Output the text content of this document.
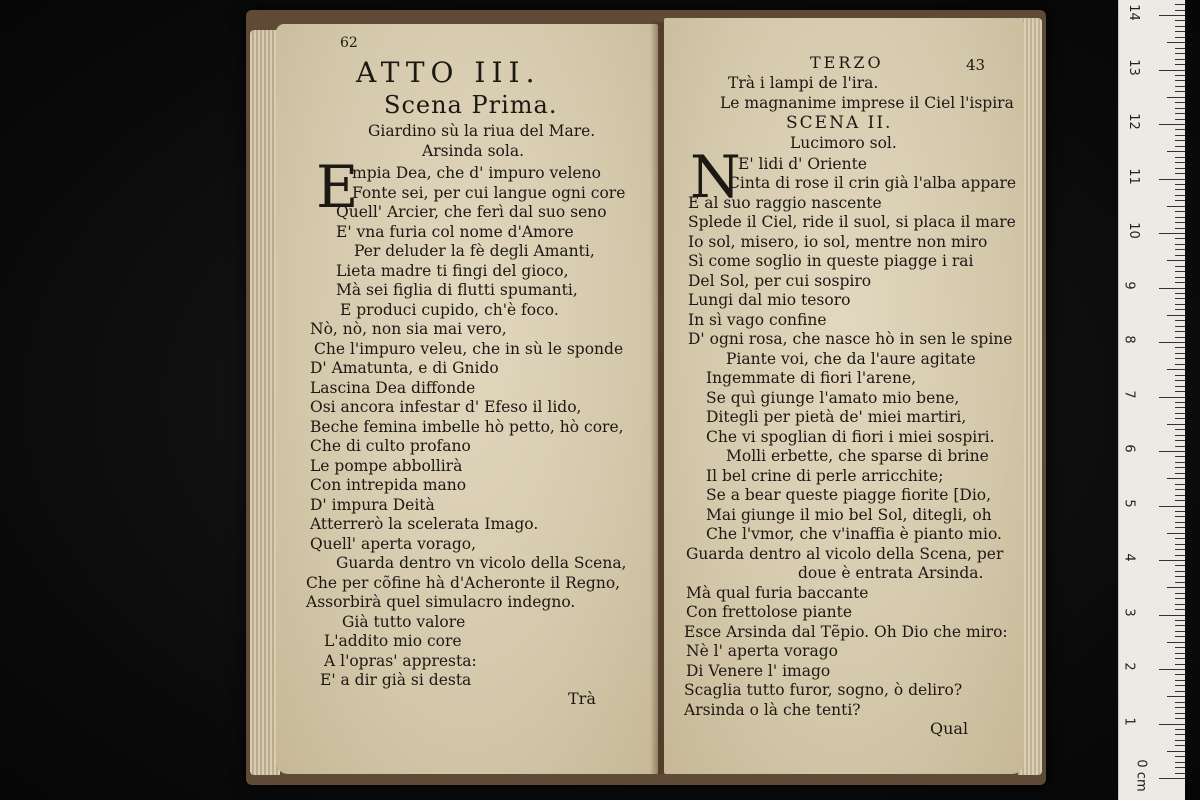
62
ATTO III.
Scena Prima.
Giardino sù la riua del Mare.
Arsinda sola.
E
mpia Dea, che d' impuro veleno
Fonte sei, per cui langue ogni core
Quell' Arcier, che ferì dal suo seno
E' vna furia col nome d'Amore
Per deluder la fè degli Amanti,
Lieta madre ti fingi del gioco,
Mà sei figlia di flutti spumanti,
E produci cupido, ch'è foco.
Nò, nò, non sia mai vero,
Che l'impuro veleu, che in sù le sponde
D' Amatunta, e di Gnido
Lascina Dea diffonde
Osi ancora infestar d' Efeso il lido,
Beche femina imbelle hò petto, hò core,
Che di culto profano
Le pompe abbollirà
Con intrepida mano
D' impura Deità
Atterrerò la scelerata Imago.
Quell' aperta vorago,
Guarda dentro vn vicolo della Scena,
Che per cõfine hà d'Acheronte il Regno,
Assorbirà quel simulacro indegno.
Già tutto valore
L'addito mio core
A l'opras' appresta:
E' a dir già si desta
Trà
TERZO	43
Trà i lampi de l'ira.
Le magnanime imprese il Ciel l'ispira
SCENA II.
Lucimoro sol.
N
E' lidi d' Oriente
Cinta di rose il crin già l'alba appare
E al suo raggio nascente
Splede il Ciel, ride il suol, si placa il mare
Io sol, misero, io sol, mentre non miro
Sì come soglio in queste piagge i rai
Del Sol, per cui sospiro
Lungi dal mio tesoro
In sì vago confine
D' ogni rosa, che nasce hò in sen le spine
Piante voi, che da l'aure agitate
Ingemmate di fiori l'arene,
Se quì giunge l'amato mio bene,
Ditegli per pietà de' miei martiri,
Che vi spoglian di fiori i miei sospiri.
Molli erbette, che sparse di brine
Il bel crine di perle arricchite;
Se a bear queste piagge fiorite [Dio,
Mai giunge il mio bel Sol, ditegli, oh
Che l'vmor, che v'inaffia è pianto mio.
Guarda dentro al vicolo della Scena, per
doue è entrata Arsinda.
Mà qual furia baccante
Con frettolose piante
Esce Arsinda dal Tẽpio. Oh Dio che miro:
Nè l' aperta vorago
Di Venere l' imago
Scaglia tutto furor, sogno, ò deliro?
Arsinda o là che tenti?
Qual
0 cm
1
2
3
4
5
6
7
8
9
10
11
12
13
14
